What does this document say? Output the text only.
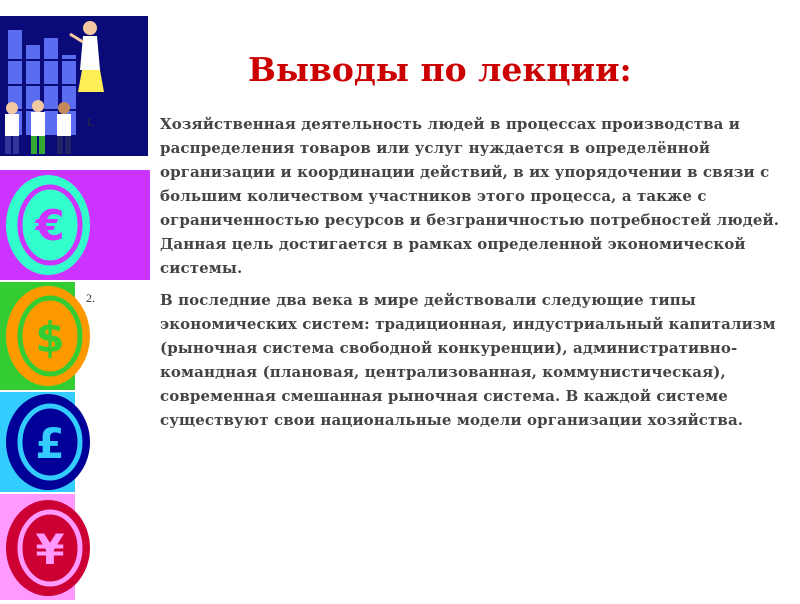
€
$
£
¥
Выводы по лекции:
1.	Хозяйственная деятельность людей в процессах производства и распределения товаров или услуг нуждается в определённой организации и координации действий, в их упорядочении в связи с большим количеством участников этого процесса, а также с ограниченностью ресурсов и безграничностью потребностей людей. Данная цель достигается в рамках определенной экономической системы.
2.	В последние два века в мире действовали следующие типы экономических систем: традиционная, индустриальный капитализм (рыночная система свободной конкуренции), административно-командная (плановая, централизованная, коммунистическая), современная смешанная рыночная система. В каждой системе существуют свои национальные модели организации хозяйства.
